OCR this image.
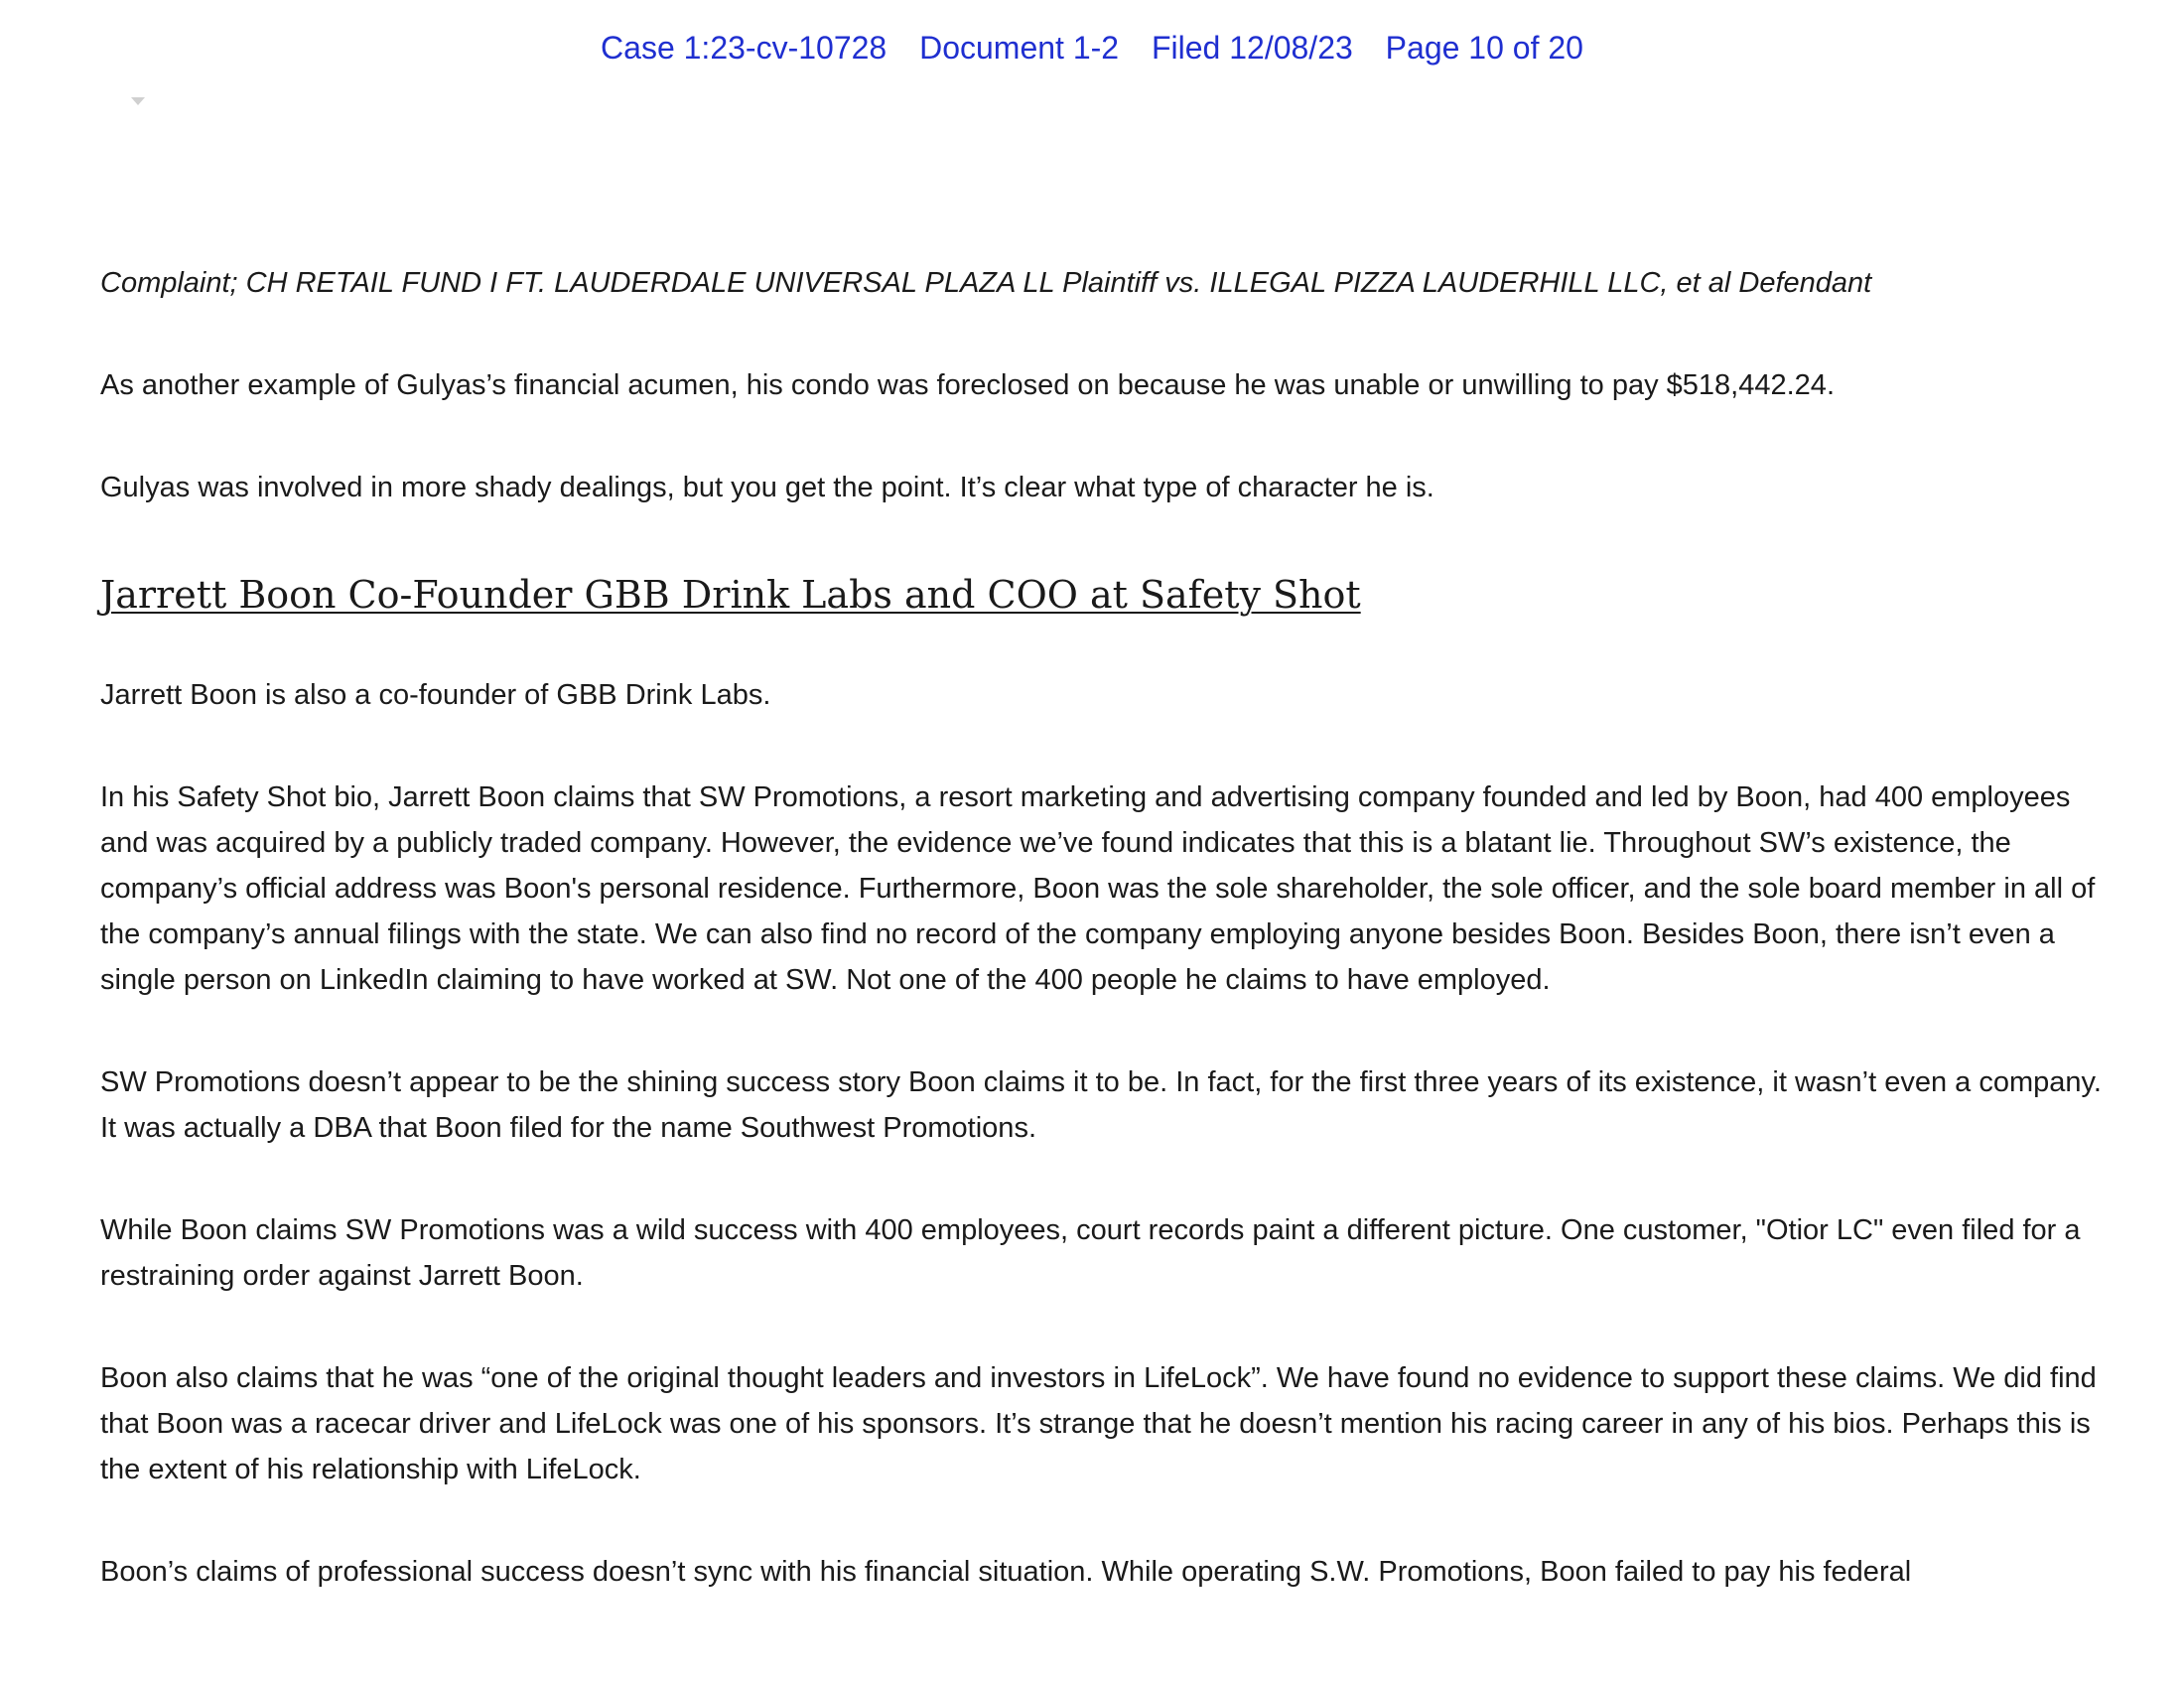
Case 1:23-cv-10728 Document 1-2 Filed 12/08/23 Page 10 of 20

Complaint; CH RETAIL FUND I FT. LAUDERDALE UNIVERSAL PLAZA LL Plaintiff vs. ILLEGAL PIZZA LAUDERHILL LLC, et al Defendant

As another example of Gulyas’s financial acumen, his condo was foreclosed on because he was unable or unwilling to pay $518,442.24.

Gulyas was involved in more shady dealings, but you get the point. It’s clear what type of character he is.

Jarrett Boon Co-Founder GBB Drink Labs and COO at Safety Shot

Jarrett Boon is also a co-founder of GBB Drink Labs.

In his Safety Shot bio, Jarrett Boon claims that SW Promotions, a resort marketing and advertising company founded and led by Boon, had 400 employees and was acquired by a publicly traded company. However, the evidence we’ve found indicates that this is a blatant lie. Throughout SW’s existence, the company’s official address was Boon's personal residence. Furthermore, Boon was the sole shareholder, the sole officer, and the sole board member in all of the company’s annual filings with the state. We can also find no record of the company employing anyone besides Boon. Besides Boon, there isn’t even a single person on LinkedIn claiming to have worked at SW. Not one of the 400 people he claims to have employed.

SW Promotions doesn’t appear to be the shining success story Boon claims it to be. In fact, for the first three years of its existence, it wasn’t even a company. It was actually a DBA that Boon filed for the name Southwest Promotions.

While Boon claims SW Promotions was a wild success with 400 employees, court records paint a different picture. One customer, "Otior LC" even filed for a restraining order against Jarrett Boon.

Boon also claims that he was “one of the original thought leaders and investors in LifeLock”. We have found no evidence to support these claims. We did find that Boon was a racecar driver and LifeLock was one of his sponsors. It’s strange that he doesn’t mention his racing career in any of his bios. Perhaps this is the extent of his relationship with LifeLock.

Boon’s claims of professional success doesn’t sync with his financial situation. While operating S.W. Promotions, Boon failed to pay his federal
